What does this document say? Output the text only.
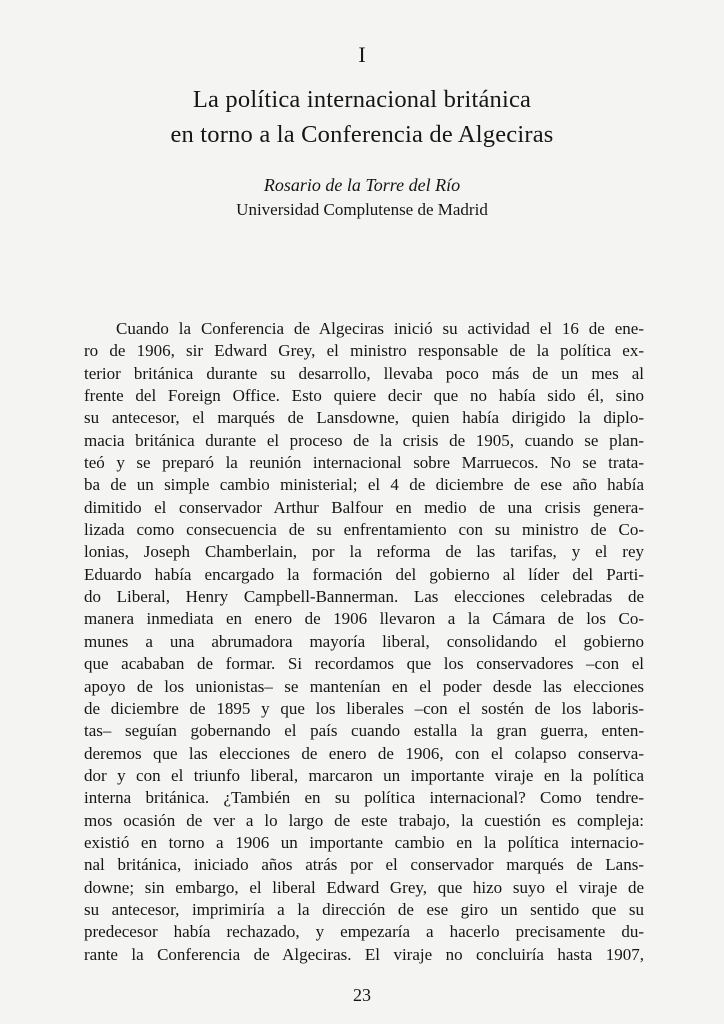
I
La política internacional británica
en torno a la Conferencia de Algeciras
Rosario de la Torre del Río
Universidad Complutense de Madrid
Cuando la Conferencia de Algeciras inició su actividad el 16 de ene-
ro de 1906, sir Edward Grey, el ministro responsable de la política ex-
terior británica durante su desarrollo, llevaba poco más de un mes al
frente del Foreign Office. Esto quiere decir que no había sido él, sino
su antecesor, el marqués de Lansdowne, quien había dirigido la diplo-
macia británica durante el proceso de la crisis de 1905, cuando se plan-
teó y se preparó la reunión internacional sobre Marruecos. No se trata-
ba de un simple cambio ministerial; el 4 de diciembre de ese año había
dimitido el conservador Arthur Balfour en medio de una crisis genera-
lizada como consecuencia de su enfrentamiento con su ministro de Co-
lonias, Joseph Chamberlain, por la reforma de las tarifas, y el rey
Eduardo había encargado la formación del gobierno al líder del Parti-
do Liberal, Henry Campbell-Bannerman. Las elecciones celebradas de
manera inmediata en enero de 1906 llevaron a la Cámara de los Co-
munes a una abrumadora mayoría liberal, consolidando el gobierno
que acababan de formar. Si recordamos que los conservadores –con el
apoyo de los unionistas– se mantenían en el poder desde las elecciones
de diciembre de 1895 y que los liberales –con el sostén de los laboris-
tas– seguían gobernando el país cuando estalla la gran guerra, enten-
deremos que las elecciones de enero de 1906, con el colapso conserva-
dor y con el triunfo liberal, marcaron un importante viraje en la política
interna británica. ¿También en su política internacional? Como tendre-
mos ocasión de ver a lo largo de este trabajo, la cuestión es compleja:
existió en torno a 1906 un importante cambio en la política internacio-
nal británica, iniciado años atrás por el conservador marqués de Lans-
downe; sin embargo, el liberal Edward Grey, que hizo suyo el viraje de
su antecesor, imprimiría a la dirección de ese giro un sentido que su
predecesor había rechazado, y empezaría a hacerlo precisamente du-
rante la Conferencia de Algeciras. El viraje no concluiría hasta 1907,
23
